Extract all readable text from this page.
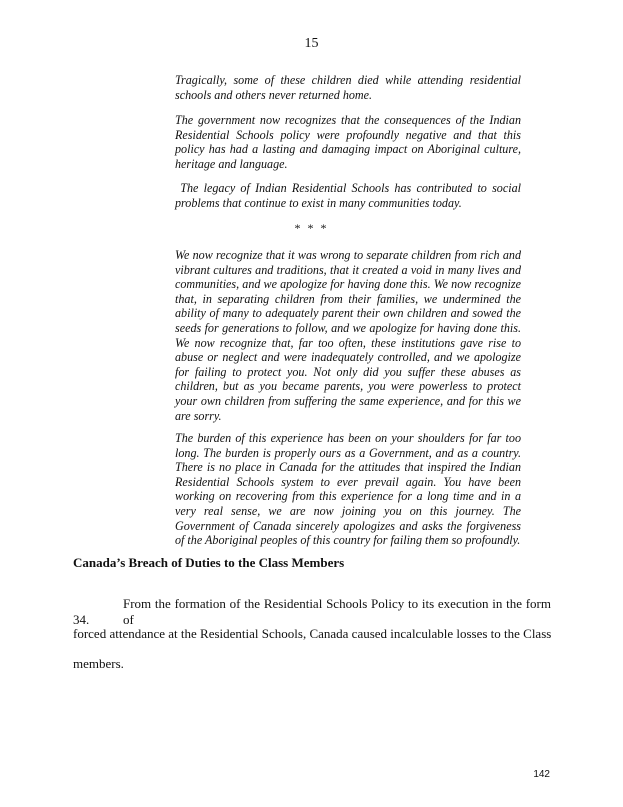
15
Tragically, some of these children died while attending residential
schools and others never returned home.
The government now recognizes that the consequences of the Indian
Residential Schools policy were profoundly negative and that this
policy has had a lasting and damaging impact on Aboriginal culture,
heritage and language.
The legacy of Indian Residential Schools has contributed to social
problems that continue to exist in many communities today.
* * *
We now recognize that it was wrong to separate children from rich and
vibrant cultures and traditions, that it created a void in many lives and
communities, and we apologize for having done this. We now recognize
that, in separating children from their families, we undermined the
ability of many to adequately parent their own children and sowed the
seeds for generations to follow, and we apologize for having done this.
We now recognize that, far too often, these institutions gave rise to
abuse or neglect and were inadequately controlled, and we apologize
for failing to protect you. Not only did you suffer these abuses as
children, but as you became parents, you were powerless to protect
your own children from suffering the same experience, and for this we
are sorry.
The burden of this experience has been on your shoulders for far too
long. The burden is properly ours as a Government, and as a country.
There is no place in Canada for the attitudes that inspired the Indian
Residential Schools system to ever prevail again. You have been
working on recovering from this experience for a long time and in a
very real sense, we are now joining you on this journey. The
Government of Canada sincerely apologizes and asks the forgiveness
of the Aboriginal peoples of this country for failing them so profoundly.
Canada’s Breach of Duties to the Class Members
34.From the formation of the Residential Schools Policy to its execution in the form of
forced attendance at the Residential Schools, Canada caused incalculable losses to the Class
members.
142
